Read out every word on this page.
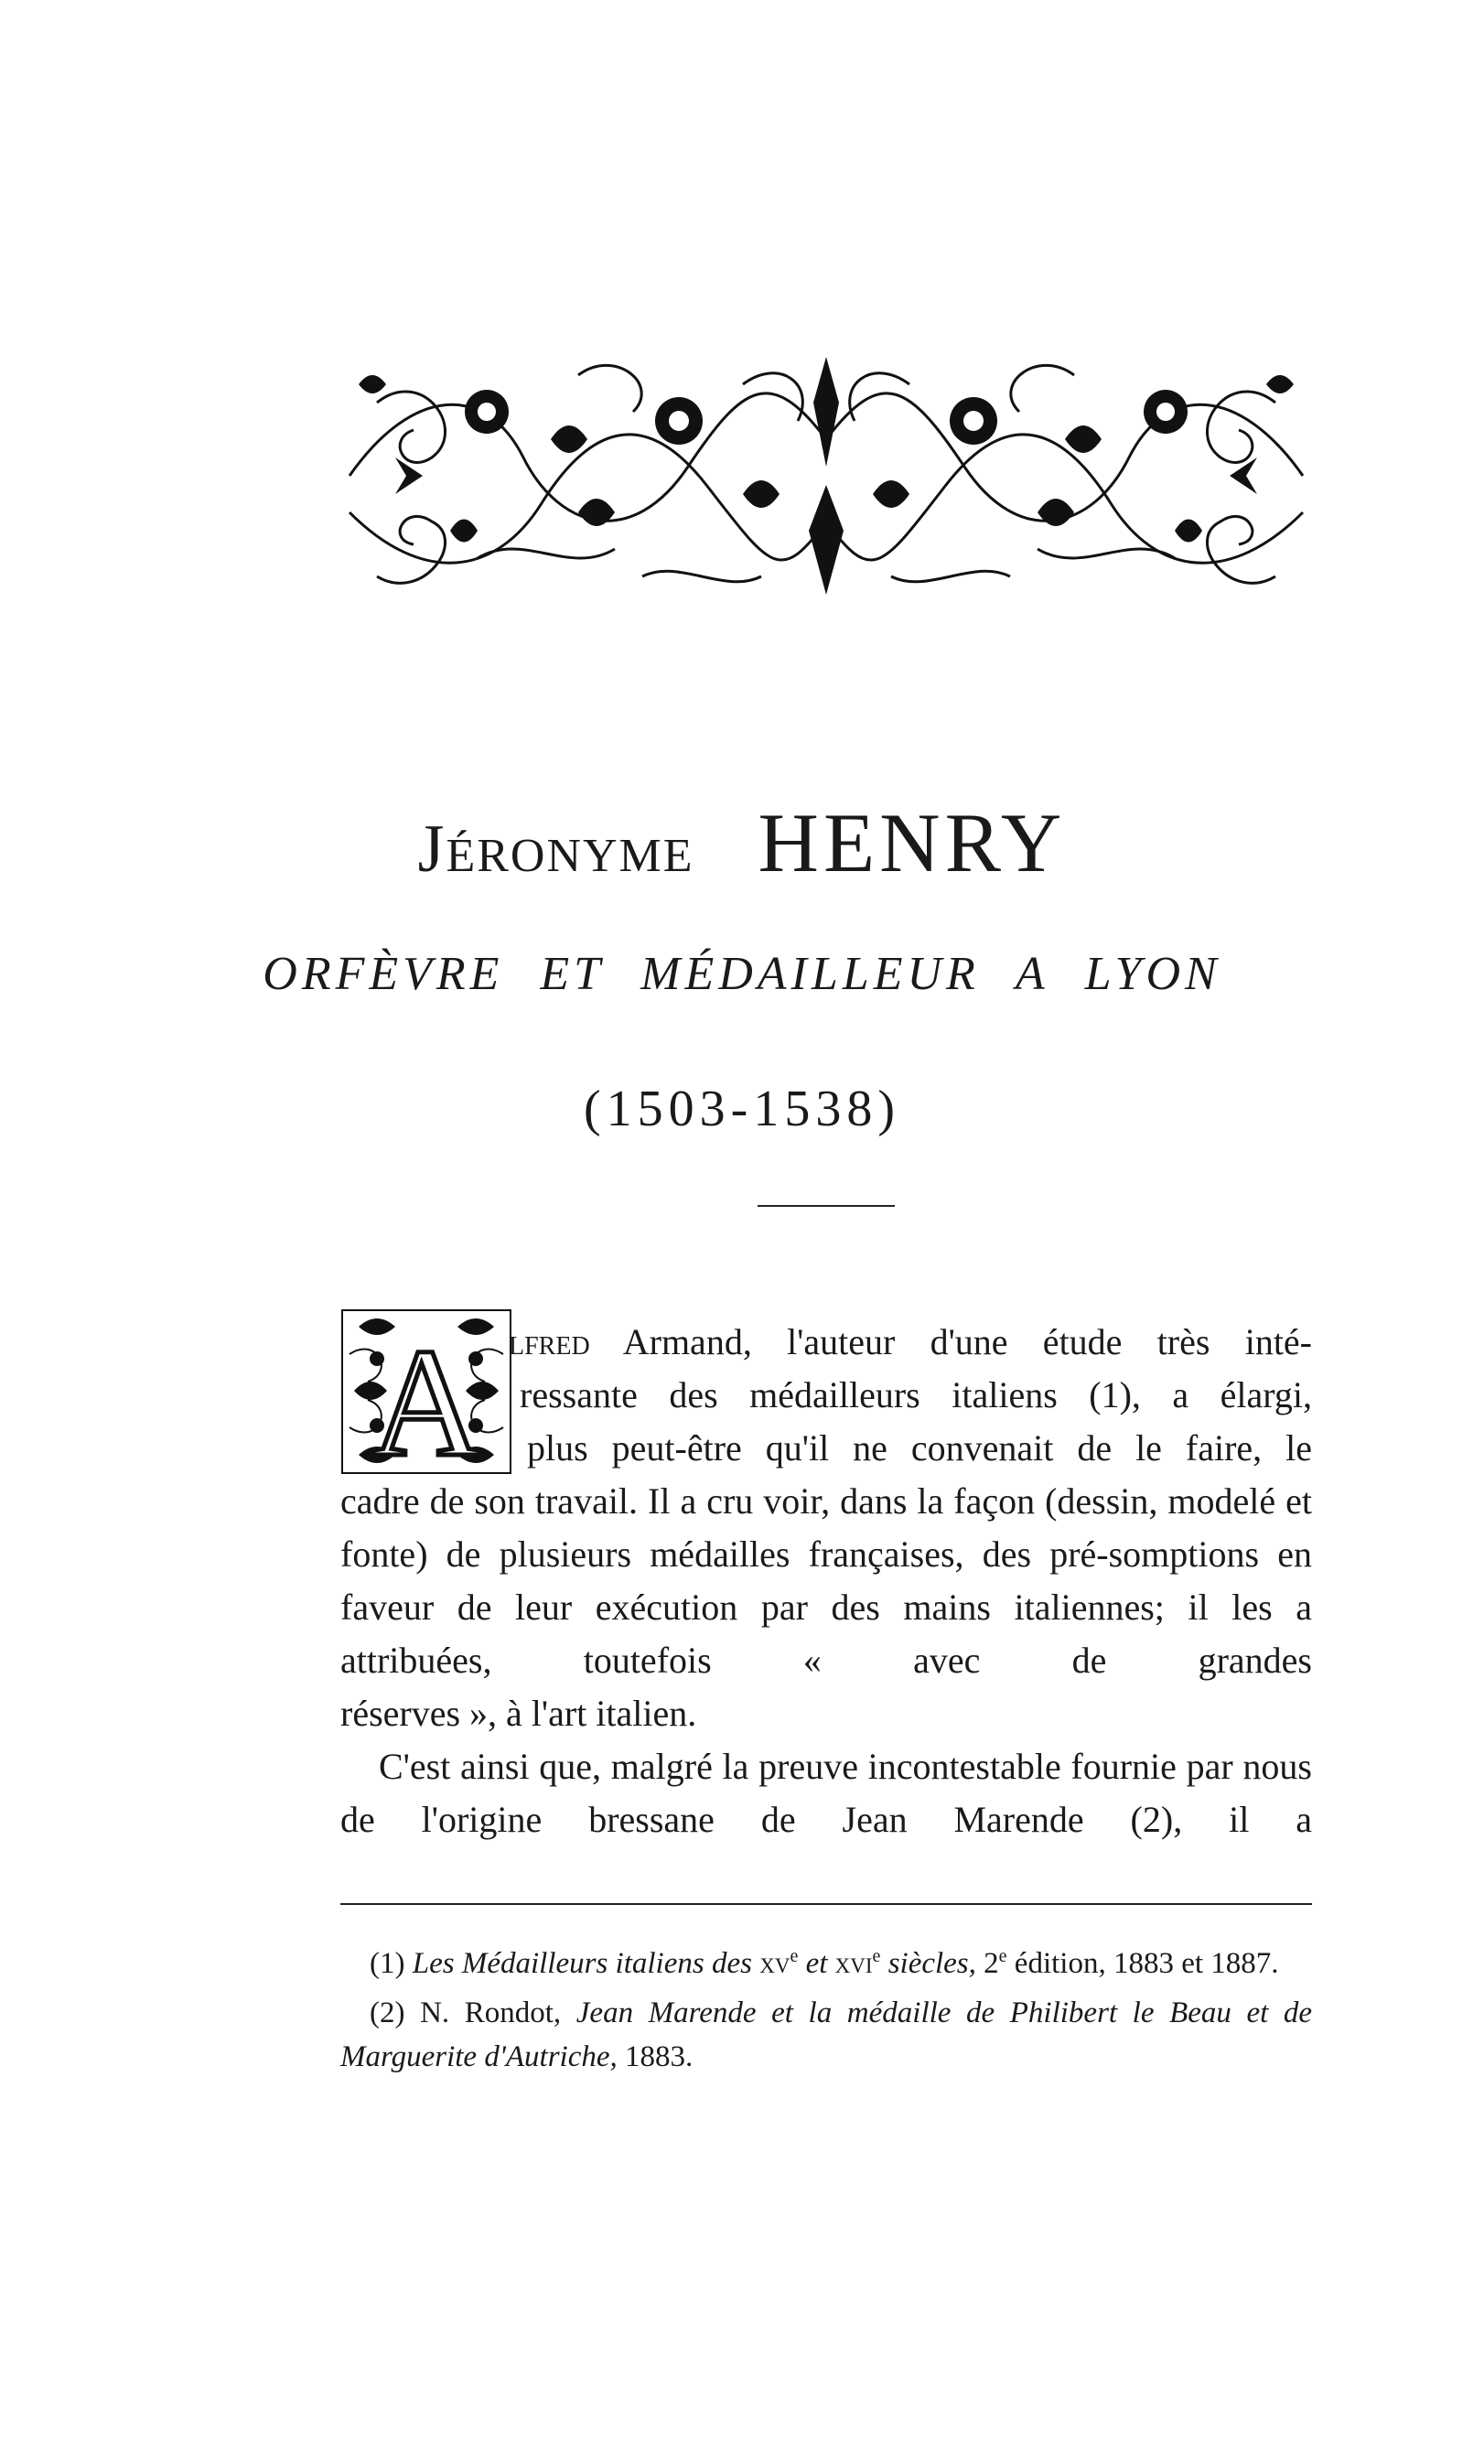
Jéronyme HENRY
ORFÈVRE ET MÉDAILLEUR A LYON
(1503-1538)
A lfred Armand, l'auteur d'une étude très inté-
ressante des médailleurs italiens (1), a élargi,
plus peut-être qu'il ne convenait de le faire, le
cadre de son travail. Il a cru voir, dans la façon (dessin, modelé et fonte) de plusieurs médailles françaises, des pré-somptions en faveur de leur exécution par des mains italiennes; il les a attribuées, toutefois « avec de grandes
réserves », à l'art italien.
C'est ainsi que, malgré la preuve incontestable fournie par nous de l'origine bressane de Jean Marende (2), il a

(1) Les Médailleurs italiens des $xv^e$ et xvi$^e$ siècles, 2e édition, 1883 et 1887.

(2) N. Rondot, Jean Marende et la médaille de Philibert le Beau et de Marguerite d'Autriche, 1883.
